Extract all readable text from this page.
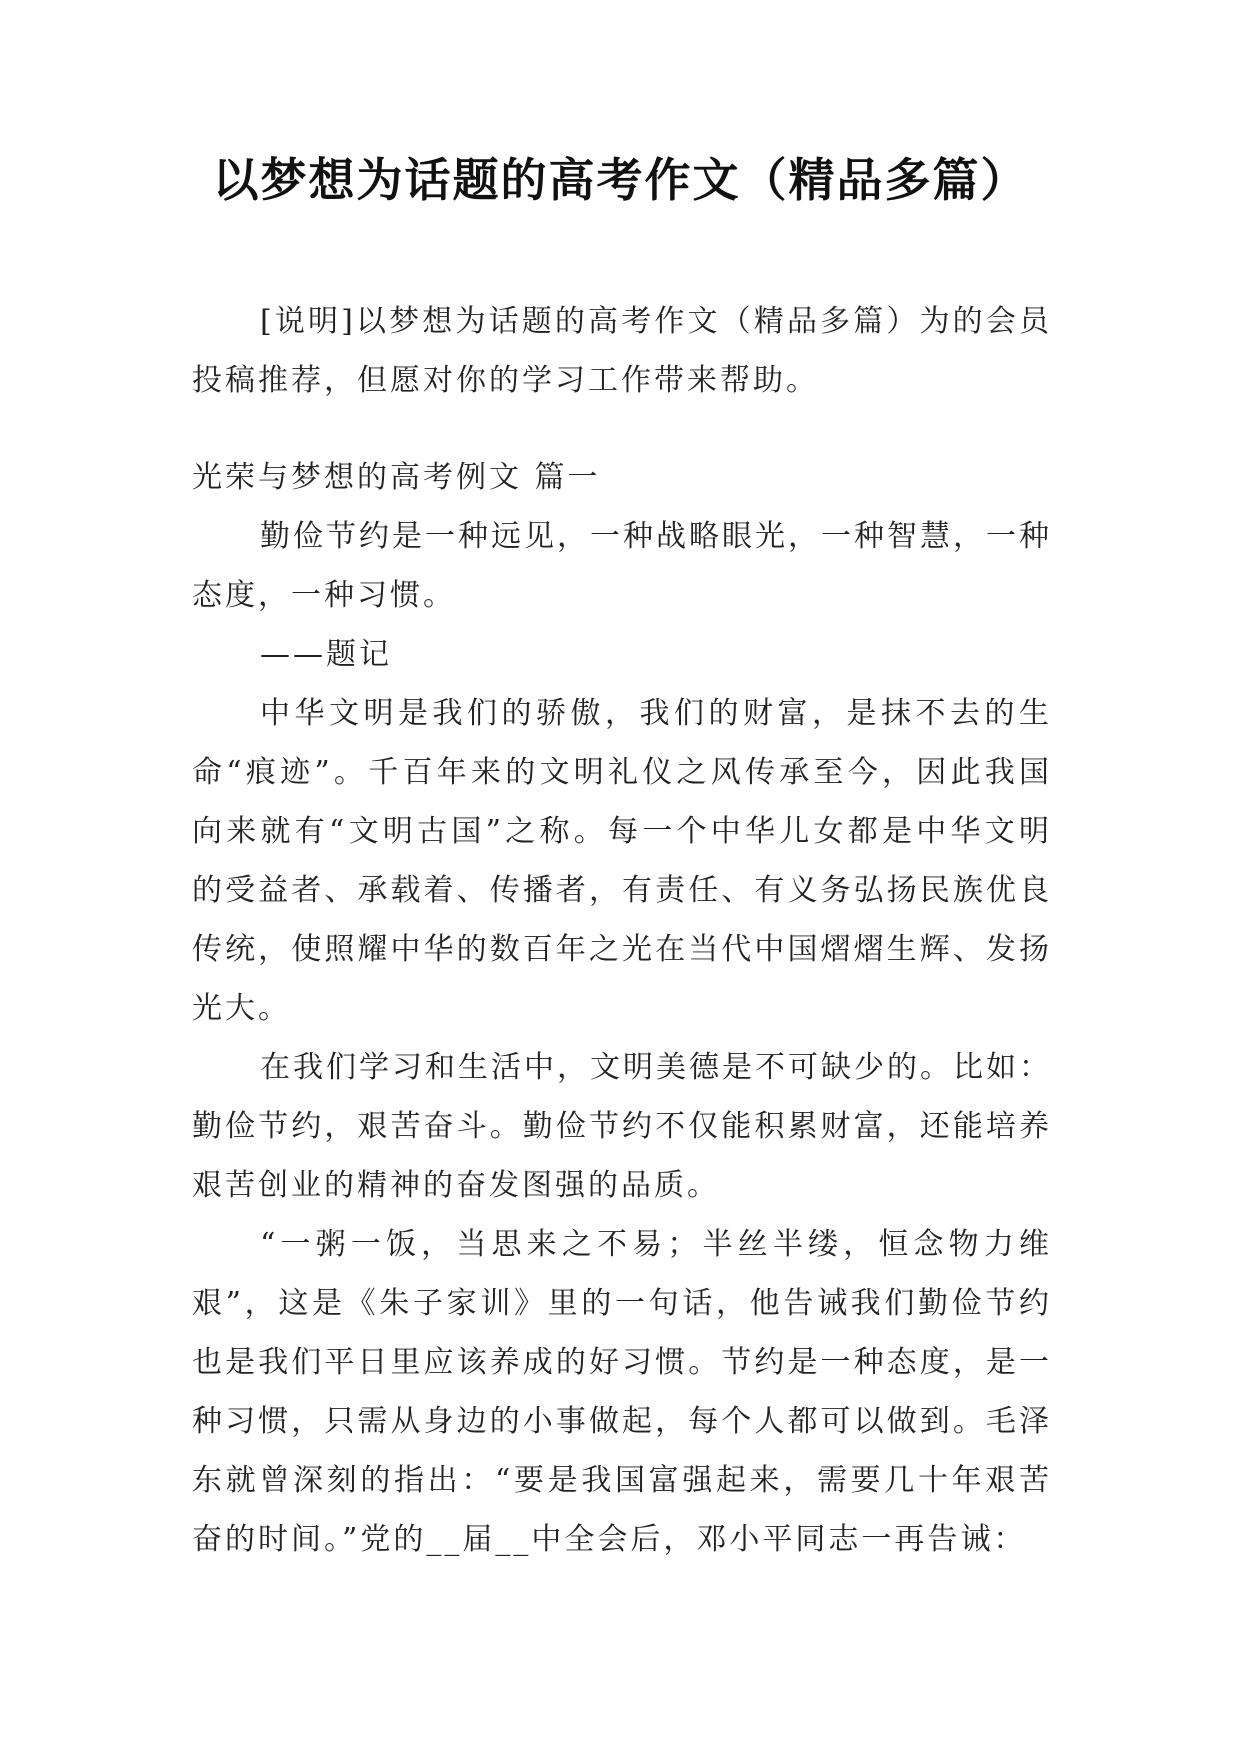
以梦想为话题的高考作文（精品多篇）

[说明]以梦想为话题的高考作文（精品多篇）为的会员投稿推荐，但愿对你的学习工作带来帮助。

光荣与梦想的高考例文 篇一

勤俭节约是一种远见，一种战略眼光，一种智慧，一种态度，一种习惯。

——题记

中华文明是我们的骄傲，我们的财富，是抹不去的生命“痕迹”。千百年来的文明礼仪之风传承至今，因此我国向来就有“文明古国”之称。每一个中华儿女都是中华文明的受益者、承载着、传播者，有责任、有义务弘扬民族优良传统，使照耀中华的数百年之光在当代中国熠熠生辉、发扬光大。

在我们学习和生活中，文明美德是不可缺少的。比如：勤俭节约，艰苦奋斗。勤俭节约不仅能积累财富，还能培养艰苦创业的精神的奋发图强的品质。

“一粥一饭，当思来之不易；半丝半缕，恒念物力维艰”，这是《朱子家训》里的一句话，他告诫我们勤俭节约也是我们平日里应该养成的好习惯。节约是一种态度，是一种习惯，只需从身边的小事做起，每个人都可以做到。毛泽东就曾深刻的指出：“要是我国富强起来，需要几十年艰苦奋的时间。”党的__届__中全会后，邓小平同志一再告诫：
